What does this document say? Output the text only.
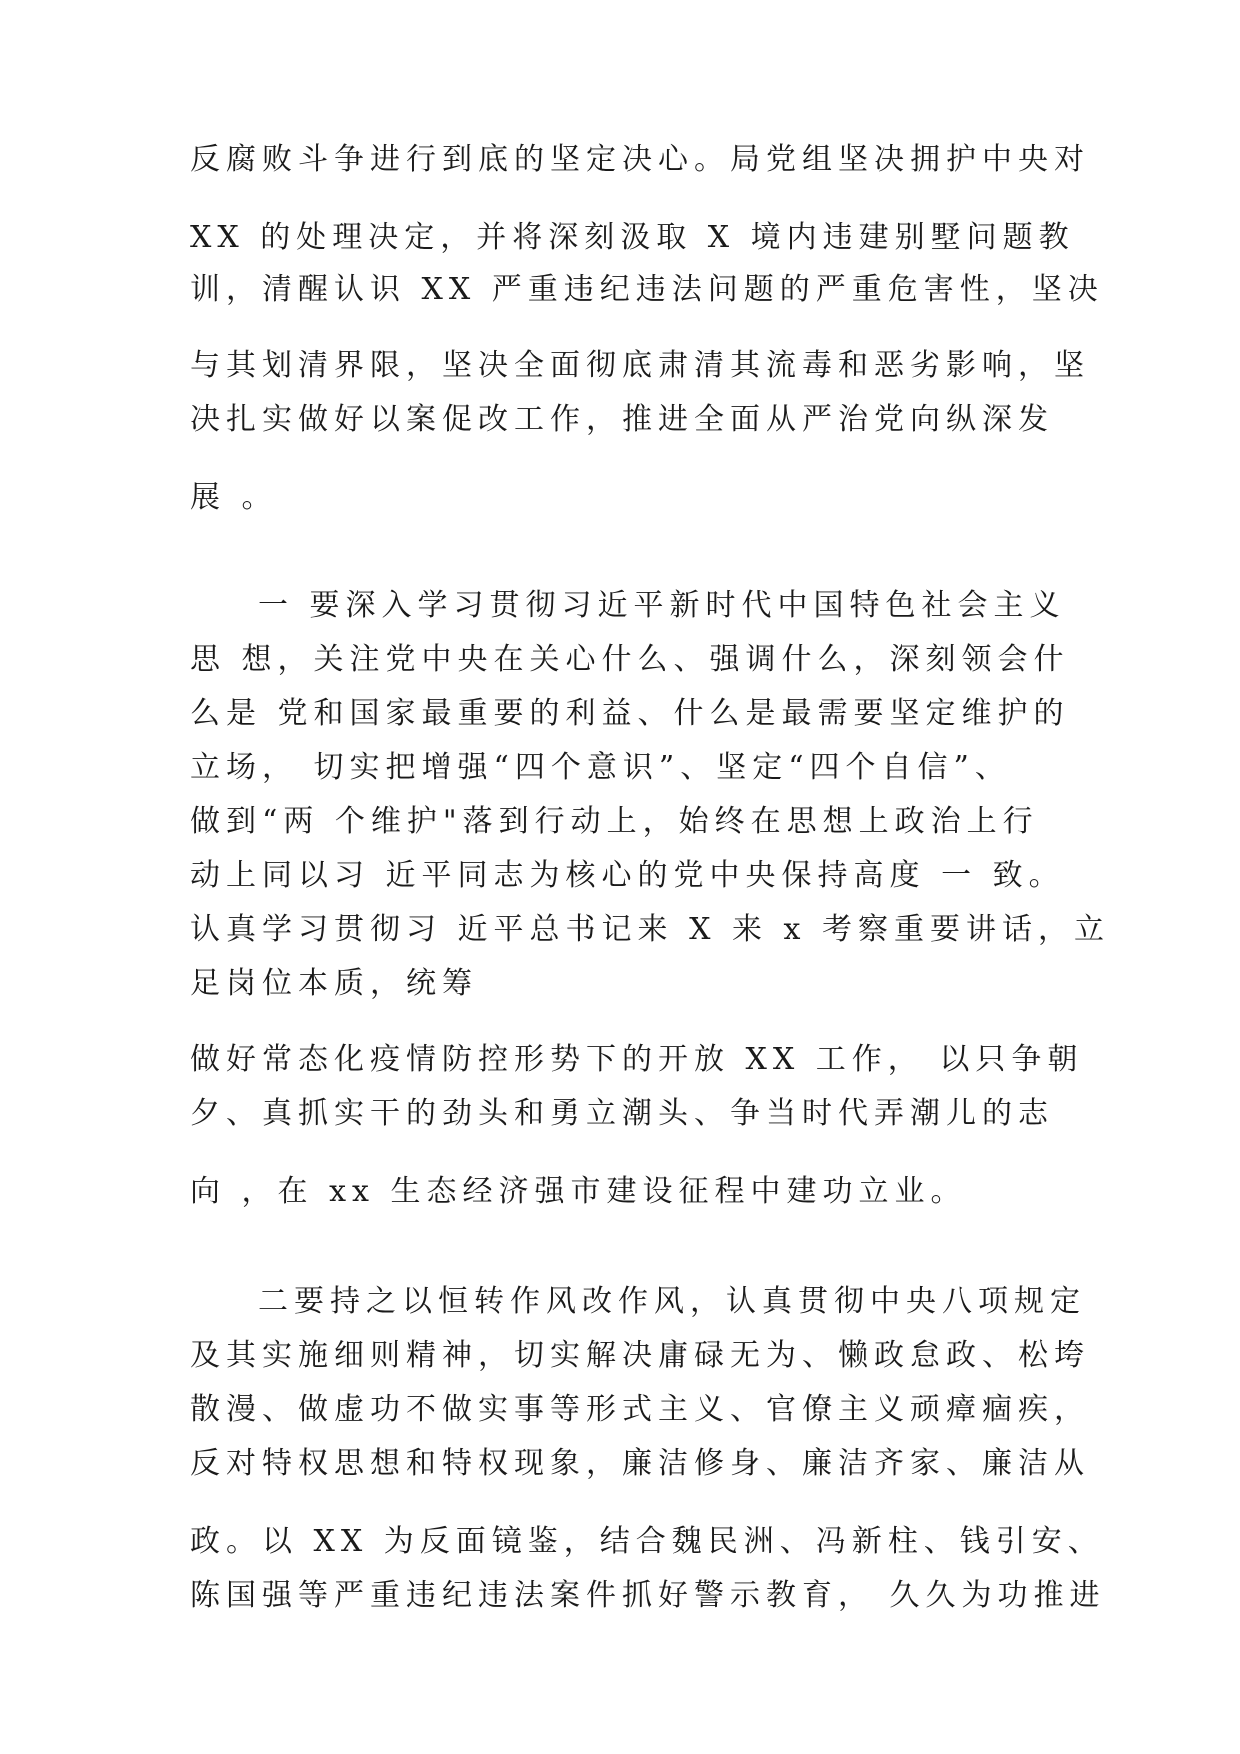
反腐败斗争进行到底的坚定决心。局党组坚决拥护中央对
XX 的处理决定，并将深刻汲取 X 境内违建别墅问题教
训，清醒认识 XX 严重违纪违法问题的严重危害性，坚决
与其划清界限，坚决全面彻底肃清其流毒和恶劣影响，坚
决扎实做好以案促改工作，推进全面从严治党向纵深发
展 。
一 要深入学习贯彻习近平新时代中国特色社会主义
思 想，关注党中央在关心什么、强调什么，深刻领会什
么是 党和国家最重要的利益、什么是最需要坚定维护的
立场， 切实把增强“四个意识”、坚定“四个自信”、
做到“两 个维护"落到行动上，始终在思想上政治上行
动上同以习 近平同志为核心的党中央保持高度 一 致。
认真学习贯彻习 近平总书记来 X 来 x 考察重要讲话，立
足岗位本质，统筹
做好常态化疫情防控形势下的开放 XX 工作， 以只争朝
夕、真抓实干的劲头和勇立潮头、争当时代弄潮儿的志
向 ，在 xx 生态经济强市建设征程中建功立业。
二要持之以恒转作风改作风，认真贯彻中央八项规定
及其实施细则精神，切实解决庸碌无为、懒政怠政、松垮
散漫、做虚功不做实事等形式主义、官僚主义顽瘴痼疾，
反对特权思想和特权现象，廉洁修身、廉洁齐家、廉洁从
政。以 XX 为反面镜鉴，结合魏民洲、冯新柱、钱引安、
陈国强等严重违纪违法案件抓好警示教育， 久久为功推进
